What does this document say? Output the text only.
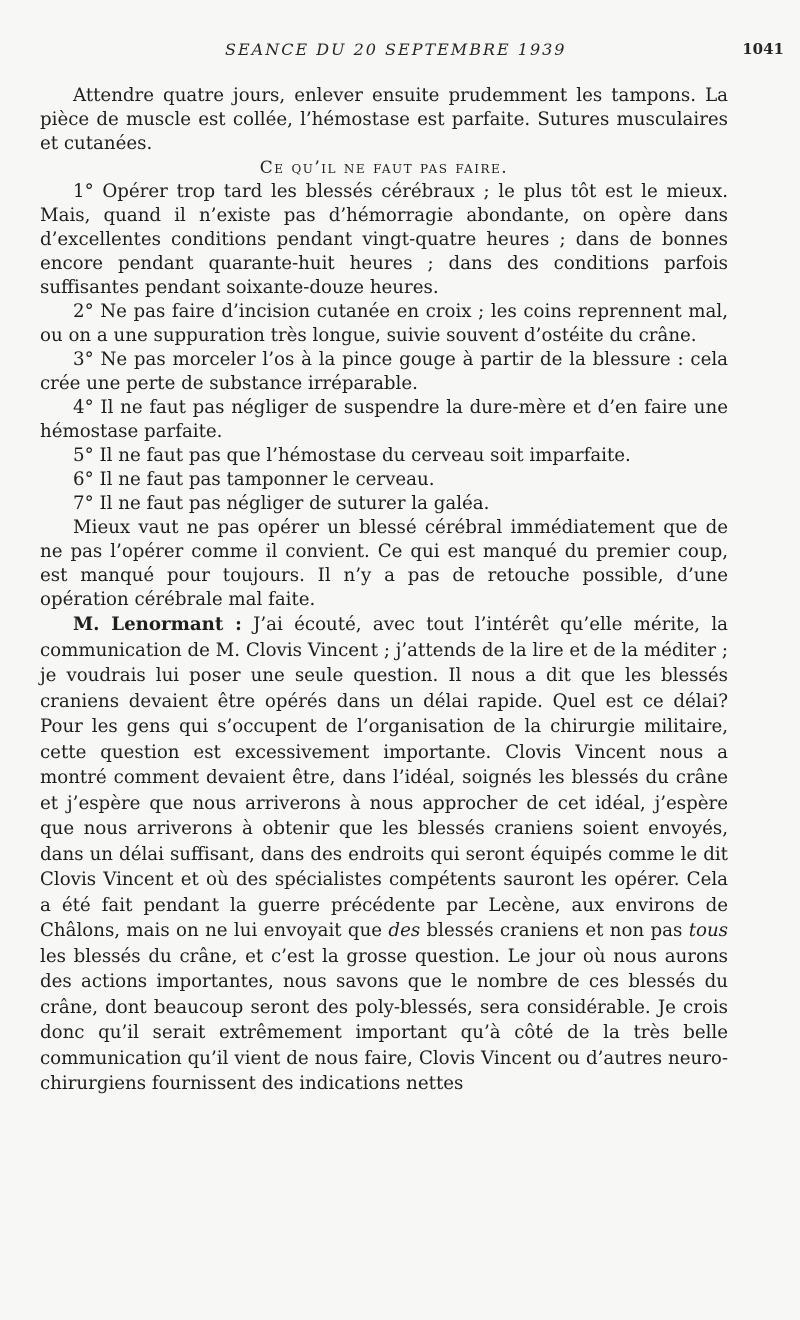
SEANCE DU 20 SEPTEMBRE 1939	1041

Attendre quatre jours, enlever ensuite prudemment les tampons. La pièce de muscle est collée, l’hémostase est parfaite. Sutures musculaires et cutanées.

Ce qu’il ne faut pas faire.

1° Opérer trop tard les blessés cérébraux ; le plus tôt est le mieux. Mais, quand il n’existe pas d’hémorragie abondante, on opère dans d’excellentes conditions pendant vingt-quatre heures ; dans de bonnes encore pendant quarante-huit heures ; dans des conditions parfois suffisantes pendant soixante-douze heures.

2° Ne pas faire d’incision cutanée en croix ; les coins reprennent mal, ou on a une suppuration très longue, suivie souvent d’ostéite du crâne.

3° Ne pas morceler l’os à la pince gouge à partir de la blessure : cela crée une perte de substance irréparable.

4° Il ne faut pas négliger de suspendre la dure-mère et d’en faire une hémostase parfaite.

5° Il ne faut pas que l’hémostase du cerveau soit imparfaite.

6° Il ne faut pas tamponner le cerveau.

7° Il ne faut pas négliger de suturer la galéa.

Mieux vaut ne pas opérer un blessé cérébral immédiatement que de ne pas l’opérer comme il convient. Ce qui est manqué du premier coup, est manqué pour toujours. Il n’y a pas de retouche possible, d’une opération cérébrale mal faite.

M. Lenormant : J’ai écouté, avec tout l’intérêt qu’elle mérite, la communication de M. Clovis Vincent ; j’attends de la lire et de la méditer ; je voudrais lui poser une seule question. Il nous a dit que les blessés craniens devaient être opérés dans un délai rapide. Quel est ce délai? Pour les gens qui s’occupent de l’organisation de la chirurgie militaire, cette question est excessivement importante. Clovis Vincent nous a montré comment devaient être, dans l’idéal, soignés les blessés du crâne et j’espère que nous arriverons à nous approcher de cet idéal, j’espère que nous arriverons à obtenir que les blessés craniens soient envoyés, dans un délai suffisant, dans des endroits qui seront équipés comme le dit Clovis Vincent et où des spécialistes compétents sauront les opérer. Cela a été fait pendant la guerre précédente par Lecène, aux environs de Châlons, mais on ne lui envoyait que des blessés craniens et non pas tous les blessés du crâne, et c’est la grosse question. Le jour où nous aurons des actions importantes, nous savons que le nombre de ces blessés du crâne, dont beaucoup seront des poly-blessés, sera considérable. Je crois donc qu’il serait extrêmement important qu’à côté de la très belle communication qu’il vient de nous faire, Clovis Vincent ou d’autres neuro-chirurgiens fournissent des indications nettes
